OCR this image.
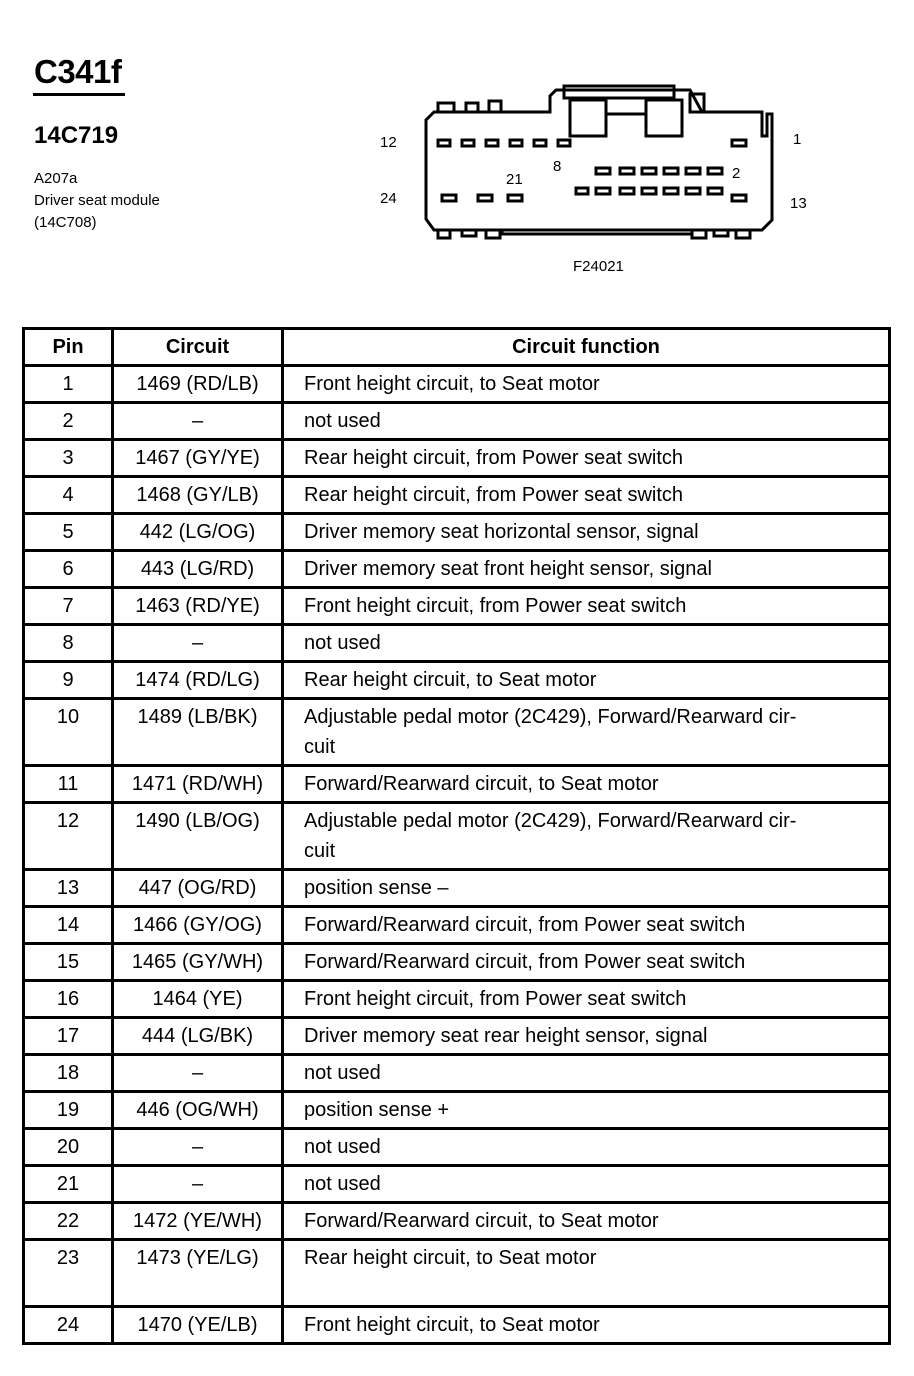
C341f
14C719
A207a
Driver seat module
(14C708)
1
2
8
12
13
21
24
F24021
Pin	Circuit	Circuit function
1	1469 (RD/LB)	Front height circuit, to Seat motor
2	–	not used
3	1467 (GY/YE)	Rear height circuit, from Power seat switch
4	1468 (GY/LB)	Rear height circuit, from Power seat switch
5	442 (LG/OG)	Driver memory seat horizontal sensor, signal
6	443 (LG/RD)	Driver memory seat front height sensor, signal
7	1463 (RD/YE)	Front height circuit, from Power seat switch
8	–	not used
9	1474 (RD/LG)	Rear height circuit, to Seat motor
10	1489 (LB/BK)	Adjustable pedal motor (2C429), Forward/Rearward cir-
cuit
11	1471 (RD/WH)	Forward/Rearward circuit, to Seat motor
12	1490 (LB/OG)	Adjustable pedal motor (2C429), Forward/Rearward cir-
cuit
13	447 (OG/RD)	position sense –
14	1466 (GY/OG)	Forward/Rearward circuit, from Power seat switch
15	1465 (GY/WH)	Forward/Rearward circuit, from Power seat switch
16	1464 (YE)	Front height circuit, from Power seat switch
17	444 (LG/BK)	Driver memory seat rear height sensor, signal
18	–	not used
19	446 (OG/WH)	position sense +
20	–	not used
21	–	not used
22	1472 (YE/WH)	Forward/Rearward circuit, to Seat motor
23	1473 (YE/LG)	Rear height circuit, to Seat motor
24	1470 (YE/LB)	Front height circuit, to Seat motor
